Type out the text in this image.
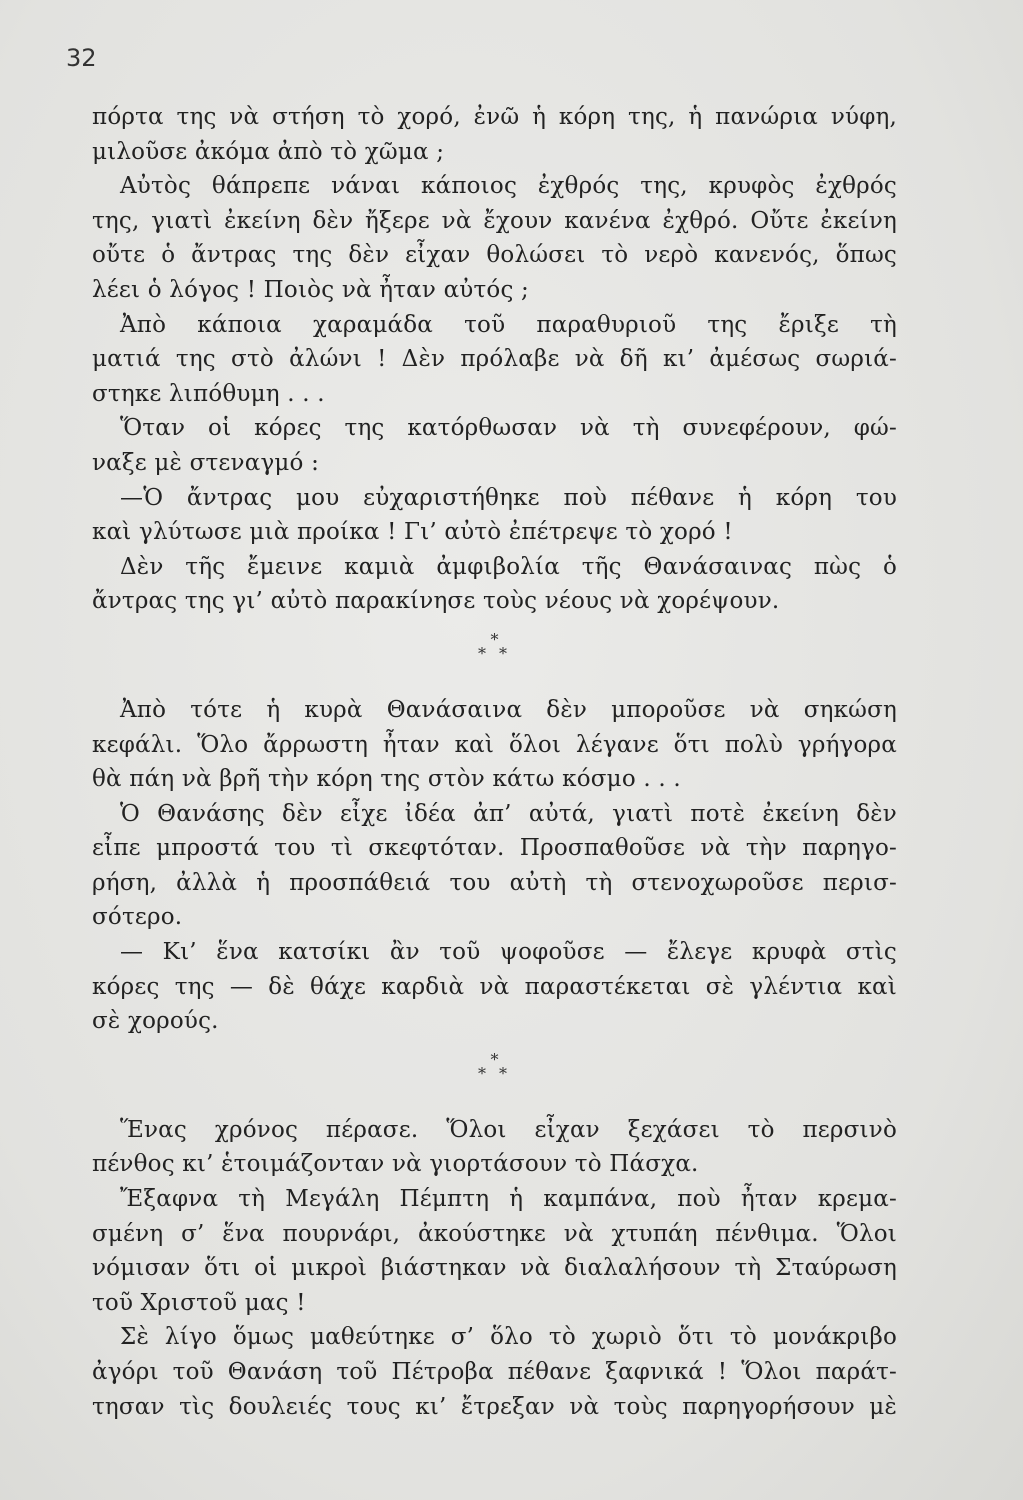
32
πόρτα της νὰ στήση τὸ χορό, ἐνῶ ἡ κόρη της, ἡ πανώρια νύφη,
μιλοῦσε ἀκόμα ἀπὸ τὸ χῶμα ;
Αὐτὸς θάπρεπε νάναι κάποιος ἐχθρός της, κρυφὸς ἐχθρός
της, γιατὶ ἐκείνη δὲν ἤξερε νὰ ἔχουν κανένα ἐχθρό. Οὔτε ἐκείνη
οὔτε ὁ ἄντρας της δὲν εἶχαν θολώσει τὸ νερὸ κανενός, ὅπως
λέει ὁ λόγος ! Ποιὸς νὰ ἦταν αὐτός ;
Ἀπὸ κάποια χαραμάδα τοῦ παραθυριοῦ της ἔριξε τὴ
ματιά της στὸ ἀλώνι ! Δὲν πρόλαβε νὰ δῆ κι’ ἀμέσως σωριά-
στηκε λιπόθυμη . . .
Ὅταν οἱ κόρες της κατόρθωσαν νὰ τὴ συνεφέρουν, φώ-
ναξε μὲ στεναγμό :
—Ὁ ἄντρας μου εὐχαριστήθηκε ποὺ πέθανε ἡ κόρη του
καὶ γλύτωσε μιὰ προίκα ! Γι’ αὐτὸ ἐπέτρεψε τὸ χορό !
Δὲν τῆς ἔμεινε καμιὰ ἀμφιβολία τῆς Θανάσαινας πὼς ὁ
ἄντρας της γι’ αὐτὸ παρακίνησε τοὺς νέους νὰ χορέψουν.
*
* *
Ἀπὸ τότε ἡ κυρὰ Θανάσαινα δὲν μποροῦσε νὰ σηκώση
κεφάλι. Ὅλο ἄρρωστη ἦταν καὶ ὅλοι λέγανε ὅτι πολὺ γρήγορα
θὰ πάη νὰ βρῆ τὴν κόρη της στὸν κάτω κόσμο . . .
Ὁ Θανάσης δὲν εἶχε ἰδέα ἀπ’ αὐτά, γιατὶ ποτὲ ἐκείνη δὲν
εἶπε μπροστά του τὶ σκεφτόταν. Προσπαθοῦσε νὰ τὴν παρηγο-
ρήση, ἀλλὰ ἡ προσπάθειά του αὐτὴ τὴ στενοχωροῦσε περισ-
σότερο.
— Κι’ ἕνα κατσίκι ἂν τοῦ ψοφοῦσε — ἔλεγε κρυφὰ στὶς
κόρες της — δὲ θάχε καρδιὰ νὰ παραστέκεται σὲ γλέντια καὶ
σὲ χορούς.
*
* *
Ἕνας χρόνος πέρασε. Ὅλοι εἶχαν ξεχάσει τὸ περσινὸ
πένθος κι’ ἑτοιμάζονταν νὰ γιορτάσουν τὸ Πάσχα.
Ἔξαφνα τὴ Μεγάλη Πέμπτη ἡ καμπάνα, ποὺ ἦταν κρεμα-
σμένη σ’ ἕνα πουρνάρι, ἀκούστηκε νὰ χτυπάη πένθιμα. Ὅλοι
νόμισαν ὅτι οἱ μικροὶ βιάστηκαν νὰ διαλαλήσουν τὴ Σταύρωση
τοῦ Χριστοῦ μας !
Σὲ λίγο ὅμως μαθεύτηκε σ’ ὅλο τὸ χωριὸ ὅτι τὸ μονάκριβο
ἀγόρι τοῦ Θανάση τοῦ Πέτροβα πέθανε ξαφνικά ! Ὅλοι παράτ-
τησαν τὶς δουλειές τους κι’ ἔτρεξαν νὰ τοὺς παρηγορήσουν μὲ
